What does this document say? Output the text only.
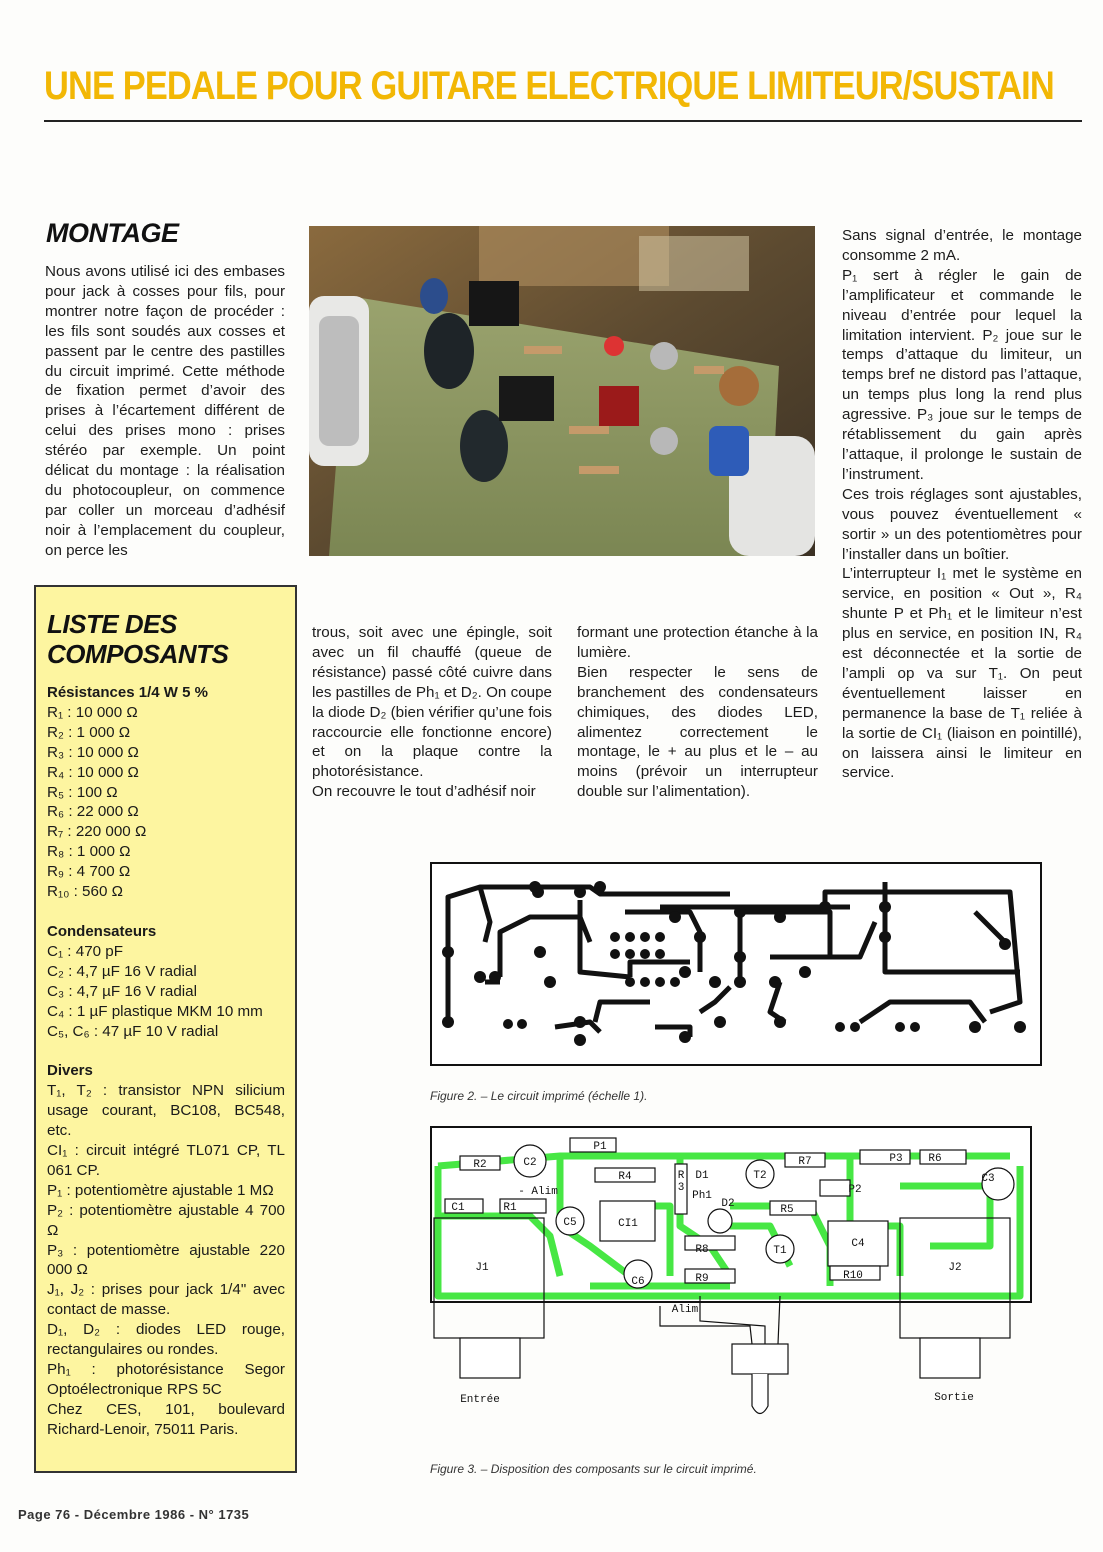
UNE PEDALE POUR GUITARE ELECTRIQUE LIMITEUR/SUSTAIN
MONTAGE

Nous avons utilisé ici des embases pour jack à cosses pour fils, pour montrer notre façon de procéder : les fils sont soudés aux cosses et passent par le centre des pastilles du circuit imprimé. Cette méthode de fixation permet d’avoir des prises à l’écartement différent de celui des prises mono : prises stéréo par exemple. Un point délicat du montage : la réalisation du photocoupleur, on commence par coller un morceau d’adhésif noir à l’emplacement du coupleur, on perce les

trous, soit avec une épingle, soit avec un fil chauffé (queue de résistance) passé côté cuivre dans les pastilles de Ph₁ et D₂. On coupe la diode D₂ (bien vérifier qu’une fois raccourcie elle fonctionne encore) et on la plaque contre la photorésistance.

On recouvre le tout d’adhésif noir

formant une protection étanche à la lumière.

Bien respecter le sens de branchement des condensateurs chimiques, des diodes LED, alimentez correctement le montage, le + au plus et le – au moins (prévoir un interrupteur double sur l’alimentation).

Sans signal d’entrée, le montage consomme 2 mA.

P₁ sert à régler le gain de l’amplificateur et commande le niveau d’entrée pour lequel la limitation intervient. P₂ joue sur le temps d’attaque du limiteur, un temps bref ne distord pas l’attaque, un temps plus long la rend plus agressive. P₃ joue sur le temps de rétablissement du gain après l’attaque, il prolonge le sustain de l’instrument.

Ces trois réglages sont ajustables, vous pouvez éventuellement « sortir » un des potentiomètres pour l’installer dans un boîtier.

L’interrupteur I₁ met le système en service, en position « Out », R₄ shunte P et Ph₁ et le limiteur n’est plus en service, en position IN, R₄ est déconnectée et la sortie de l’ampli op va sur T₁. On peut éventuellement laisser en permanence la base de T₁ reliée à la sortie de CI₁ (liaison en pointillé), on laissera ainsi le limiteur en service.

LISTE DES
COMPOSANTS

Résistances 1/4 W 5 %

R₁ : 10 000 Ω

R₂ : 1 000 Ω

R₃ : 10 000 Ω

R₄ : 10 000 Ω

R₅ : 100 Ω

R₆ : 22 000 Ω

R₇ : 220 000 Ω

R₈ : 1 000 Ω

R₉ : 4 700 Ω

R₁₀ : 560 Ω

Condensateurs

C₁ : 470 pF

C₂ : 4,7 µF 16 V radial

C₃ : 4,7 µF 16 V radial

C₄ : 1 µF plastique MKM 10 mm

C₅, C₆ : 47 µF 10 V radial

Divers

T₁, T₂ : transistor NPN silicium usage courant, BC108, BC548, etc.

CI₁ : circuit intégré TL071 CP, TL 061 CP.

P₁ : potentiomètre ajustable 1 MΩ

P₂ : potentiomètre ajustable 4 700 Ω

P₃ : potentiomètre ajustable 220 000 Ω

J₁, J₂ : prises pour jack 1/4" avec contact de masse.

D₁, D₂ : diodes LED rouge, rectangulaires ou rondes.

Ph₁ : photorésistance Segor Optoélectronique RPS 5C

Chez CES, 101, boulevard Richard-Lenoir, 75011 Paris.

Figure 2. – Le circuit imprimé (échelle 1).
R2	C2
P1
R4	R
3
D1	T2
R7	P3 R6
C3
- Alim	P2
C1	R1
C5	CI1
Ph1
D2	R5
C4
T1
R8
J1	J2
R9	R10
C6
Alim
Entrée	Sortie
Figure 3. – Disposition des composants sur le circuit imprimé.
Page 76 - Décembre 1986 - N° 1735
